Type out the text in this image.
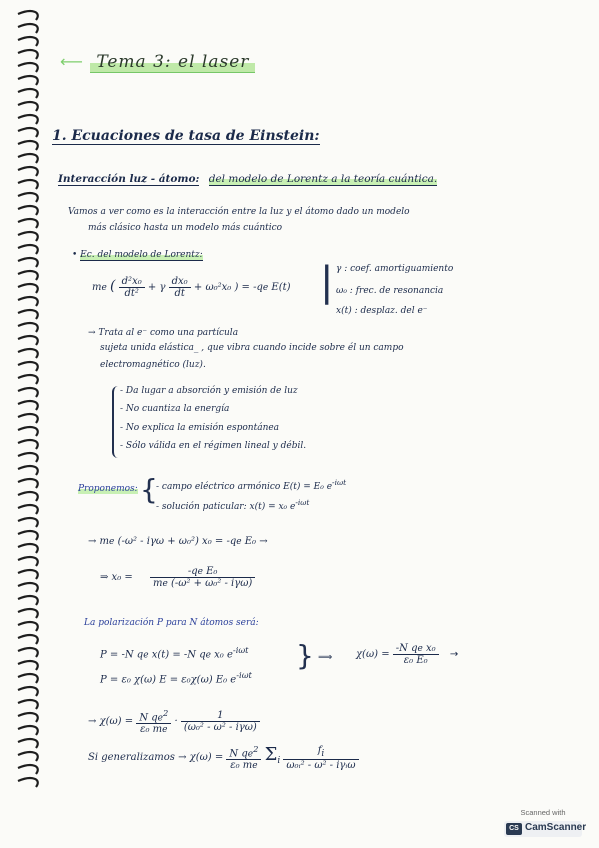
⟵ Tema 3: el laser
1. Ecuaciones de tasa de Einstein:
Interacción luz - átomo: del modelo de Lorentz a la teoría cuántica.
Vamos a ver como es la interacción entre la luz y el átomo dado un modelo
más clásico hasta un modelo más cuántico
• Ec. del modelo de Lorentz:
me ( $\frac{\text{d²x₀}}{\text{dt²}} + \gamma \frac{\text{dx₀}}{dt} + \omega_0^2x_0$ ) = -qe E(t) | γ : coef. amortiguamiento
ω₀ : frec. de resonancia
x(t) : desplaz. del e⁻
→ Trata al e⁻ como una partícula
sujeta unida elástica_ , que vibra cuando incide sobre él un campo
electromagnético (luz).
- Da lugar a absorción y emisión de luz
- No cuantiza la energía
- No explica la emisión espontánea
- Sólo válida en el régimen lineal y débil.
Proponemos: {
- campo eléctrico armónico E(t) = E₀ $e^{-i\omega t}$
- solución paticular: x(t) = x₀ $e^{-i\omega t}$
→ me (-ω² - iγω + ω₀²) x₀ = -qe E₀ →
⇒ $x_0 = \frac{\text{-qe E₀}}{\text{me (-ω² + ω₀² - iγω)}}$
La polarización P para N átomos será:
P = -N qe x(t) = -N qe x₀ $e^{-i\omega t}$
P = ε₀ χ(ω) E = ε₀χ(ω) E₀ $e^{-i\omega t}$
} ⟹ $\chi(\omega) = \frac{\text{-N qe x₀}}{\text{ε₀ E₀}}$ →
→ $\chi(\omega) = \frac{N qe^2}{\text{ε₀ me}} \cdot \frac{1}{\text{(ω₀² - ω² - iγω)}}$
Si generalizamos → $\chi(\omega) = \frac{N qe^2}{\text{ε₀ me}} \Sigma_i \frac{f_i}{\text{ω₀ᵢ² - ω² - iγᵢω}}$
Scanned with
CS CamScanner
